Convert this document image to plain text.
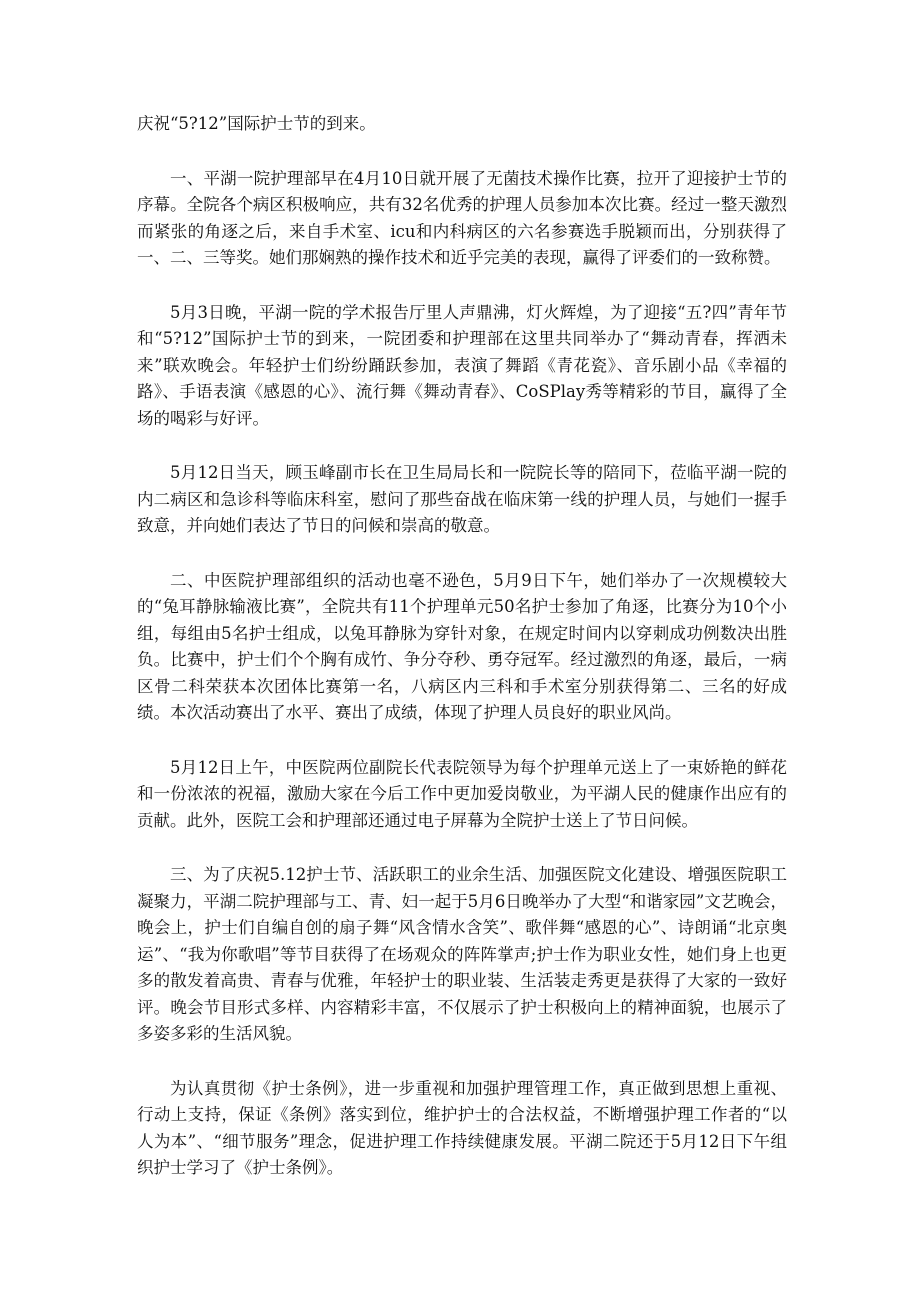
庆祝“5?12”国际护士节的到来。

一、平湖一院护理部早在4月10日就开展了无菌技术操作比赛，拉开了迎接护士节的序幕。全院各个病区积极响应，共有32名优秀的护理人员参加本次比赛。经过一整天激烈而紧张的角逐之后，来自手术室、icu和内科病区的六名参赛选手脱颖而出，分别获得了一、二、三等奖。她们那娴熟的操作技术和近乎完美的表现，赢得了评委们的一致称赞。

5月3日晚，平湖一院的学术报告厅里人声鼎沸，灯火辉煌，为了迎接“五?四”青年节和“5?12”国际护士节的到来，一院团委和护理部在这里共同举办了“舞动青春，挥洒未来”联欢晚会。年轻护士们纷纷踊跃参加，表演了舞蹈《青花瓷》、音乐剧小品《幸福的路》、手语表演《感恩的心》、流行舞《舞动青春》、CoSPlay秀等精彩的节目，赢得了全场的喝彩与好评。

5月12日当天，顾玉峰副市长在卫生局局长和一院院长等的陪同下，莅临平湖一院的内二病区和急诊科等临床科室，慰问了那些奋战在临床第一线的护理人员，与她们一握手致意，并向她们表达了节日的问候和崇高的敬意。

二、中医院护理部组织的活动也毫不逊色，5月9日下午，她们举办了一次规模较大的“兔耳静脉输液比赛”，全院共有11个护理单元50名护士参加了角逐，比赛分为10个小组，每组由5名护士组成，以兔耳静脉为穿针对象，在规定时间内以穿刺成功例数决出胜负。比赛中，护士们个个胸有成竹、争分夺秒、勇夺冠军。经过激烈的角逐，最后，一病区骨二科荣获本次团体比赛第一名，八病区内三科和手术室分别获得第二、三名的好成绩。本次活动赛出了水平、赛出了成绩，体现了护理人员良好的职业风尚。

5月12日上午，中医院两位副院长代表院领导为每个护理单元送上了一束娇艳的鲜花和一份浓浓的祝福，激励大家在今后工作中更加爱岗敬业，为平湖人民的健康作出应有的贡献。此外，医院工会和护理部还通过电子屏幕为全院护士送上了节日问候。

三、为了庆祝5.12护士节、活跃职工的业余生活、加强医院文化建设、增强医院职工凝聚力，平湖二院护理部与工、青、妇一起于5月6日晚举办了大型“和谐家园”文艺晚会，晚会上，护士们自编自创的扇子舞“风含情水含笑”、歌伴舞“感恩的心”、诗朗诵“北京奥运”、“我为你歌唱”等节目获得了在场观众的阵阵掌声;护士作为职业女性，她们身上也更多的散发着高贵、青春与优雅，年轻护士的职业装、生活装走秀更是获得了大家的一致好评。晚会节目形式多样、内容精彩丰富，不仅展示了护士积极向上的精神面貌，也展示了多姿多彩的生活风貌。

为认真贯彻《护士条例》，进一步重视和加强护理管理工作，真正做到思想上重视、行动上支持，保证《条例》落实到位，维护护士的合法权益，不断增强护理工作者的“以人为本”、“细节服务”理念，促进护理工作持续健康发展。平湖二院还于5月12日下午组织护士学习了《护士条例》。
